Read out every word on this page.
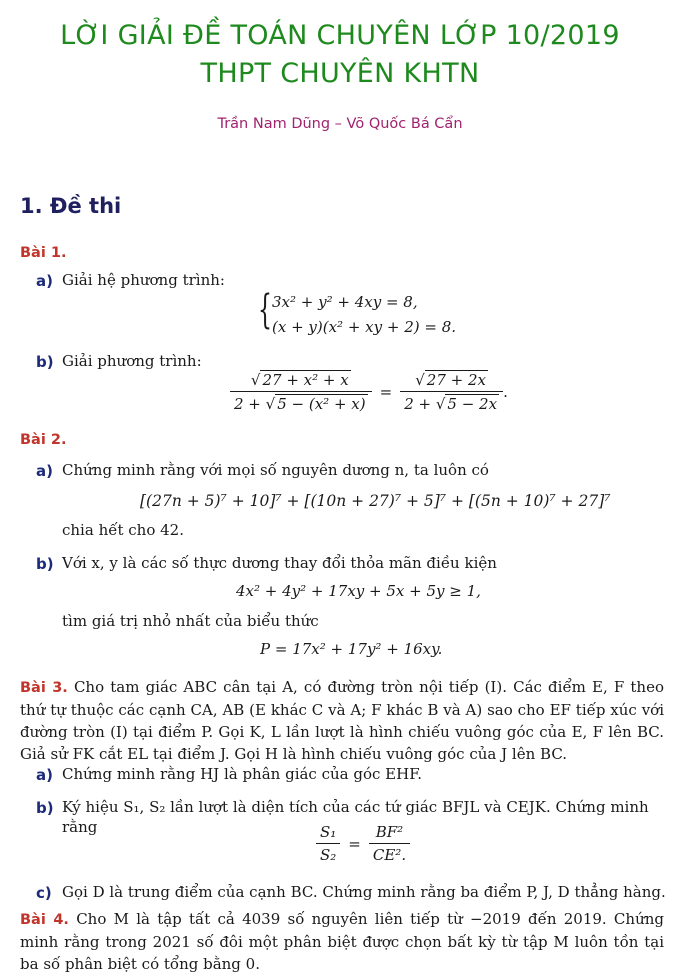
LỜI GIẢI ĐỀ TOÁN CHUYÊN LỚP 10/2019
THPT CHUYÊN KHTN
Trần Nam Dũng – Võ Quốc Bá Cẩn
1. Đề thi
Bài 1.
a) Giải hệ phương trình:
{ 3x² + y² + 4xy = 8,
(x + y)(x² + xy + 2) = 8.
b) Giải phương trình:
$\frac{\text{√ 27 + x² + x}}{\text{2 + √ 5 − (x² + x)}} = \frac{√ 27 + 2x}{2 + √ 5 - 2x}$ .
Bài 2.
a) Chứng minh rằng với mọi số nguyên dương n, ta luôn có
[(27n + 5)⁷ + 10]⁷ + [(10n + 27)⁷ + 5]⁷ + [(5n + 10)⁷ + 27]⁷
chia hết cho 42.
b) Với x, y là các số thực dương thay đổi thỏa mãn điều kiện
4x² + 4y² + 17xy + 5x + 5y ≥ 1,
tìm giá trị nhỏ nhất của biểu thức
P = 17x² + 17y² + 16xy.
Bài 3. Cho tam giác ABC cân tại A, có đường tròn nội tiếp (I). Các điểm E, F theo thứ tự thuộc các cạnh CA, AB (E khác C và A; F khác B và A) sao cho EF tiếp xúc với đường tròn (I) tại điểm P. Gọi K, L lần lượt là hình chiếu vuông góc của E, F lên BC. Giả sử FK cắt EL tại điểm J. Gọi H là hình chiếu vuông góc của J lên BC.
a) Chứng minh rằng HJ là phân giác của góc EHF.
b) Ký hiệu S₁, S₂ lần lượt là diện tích của các tứ giác BFJL và CEJK. Chứng minh rằng	$\frac{\text{S₁}}{\text{S₂}} = \frac{\text{BF²}}{\text{CE².}}$
c) Gọi D là trung điểm của cạnh BC. Chứng minh rằng ba điểm P, J, D thẳng hàng.
Bài 4. Cho M là tập tất cả 4039 số nguyên liên tiếp từ −2019 đến 2019. Chứng minh rằng trong 2021 số đôi một phân biệt được chọn bất kỳ từ tập M luôn tồn tại ba số phân biệt có tổng bằng 0.
